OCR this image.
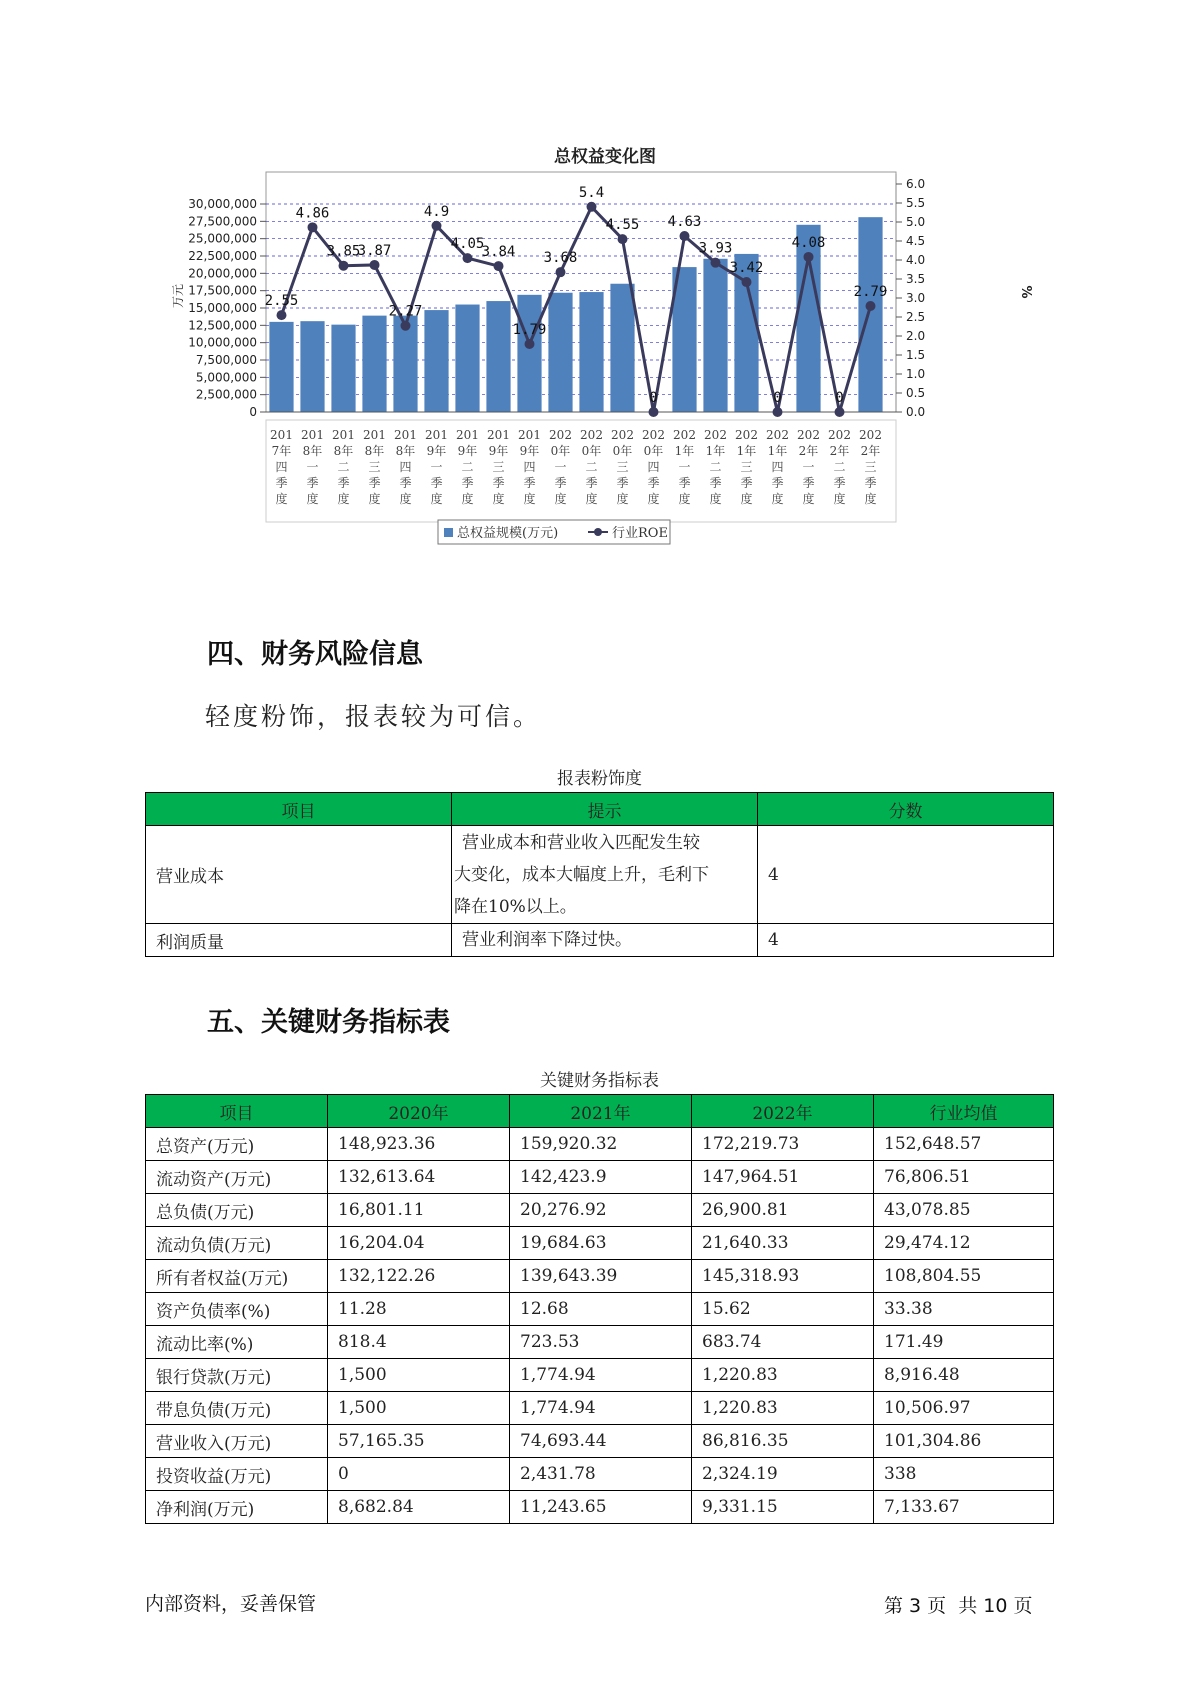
总权益变化图
30,000,000
27,500,000
25,000,000
22,500,000
20,000,000
17,500,000
15,000,000
12,500,000
10,000,000
7,500,000
5,000,000
2,500,000
0
6.0
5.5
5.0
4.5
4.0
3.5
3.0
2.5
2.0
1.5
1.0
0.5
0.0
万元	%
2.55
4.86
3.85
3.87
2.27
4.9
4.05
3.84
1.79
3.68
5.4
4.55
0
4.63
3.93
3.42
0
4.08
0
2.79
201
7年
四
季
度
201
8年
一
季
度
201
8年
二
季
度
201
8年
三
季
度
201
8年
四
季
度
201
9年
一
季
度
201
9年
二
季
度
201
9年
三
季
度
201
9年
四
季
度
202
0年
一
季
度
202
0年
二
季
度
202
0年
三
季
度
202
0年
四
季
度
202
1年
一
季
度
202
1年
二
季
度
202
1年
三
季
度
202
1年
四
季
度
202
2年
一
季
度
202
2年
二
季
度
202
2年
三
季
度
总权益规模(万元)	行业ROE
四、财务风险信息
轻度粉饰，报表较为可信。
报表粉饰度
项目	提示	分数
营业成本	营业成本和营业收入匹配发生较
大变化，成本大幅度上升，毛利下
降在10%以上。	4
利润质量	营业利润率下降过快。	4
五、关键财务指标表
关键财务指标表
项目	2020年	2021年	2022年	行业均值
总资产(万元)	148,923.36	159,920.32	172,219.73	152,648.57
流动资产(万元)	132,613.64	142,423.9	147,964.51	76,806.51
总负债(万元)	16,801.11	20,276.92	26,900.81	43,078.85
流动负债(万元)	16,204.04	19,684.63	21,640.33	29,474.12
所有者权益(万元)	132,122.26	139,643.39	145,318.93	108,804.55
资产负债率(%)	11.28	12.68	15.62	33.38
流动比率(%)	818.4	723.53	683.74	171.49
银行贷款(万元)	1,500	1,774.94	1,220.83	8,916.48
带息负债(万元)	1,500	1,774.94	1,220.83	10,506.97
营业收入(万元)	57,165.35	74,693.44	86,816.35	101,304.86
投资收益(万元)	0	2,431.78	2,324.19	338
净利润(万元)	8,682.84	11,243.65	9,331.15	7,133.67
内部资料，妥善保管	第 3 页  共 10 页
